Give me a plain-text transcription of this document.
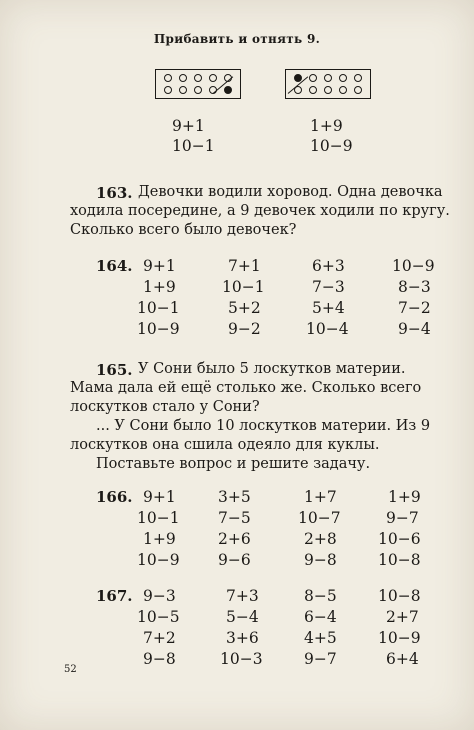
Прибавить и отнять 9.
9+1
10−1
1+9
10−9
163. Девочки водили хоровод. Одна девочка
ходила посередине, а 9 девочек ходили по кругу.
Сколько всего было девочек?
164. 9+1
1+9
10−1
10−9
7+1
10−1
5+2
9−2
6+3
7−3
5+4
10−4
10−9
8−3
7−2
9−4
165. У Сони было 5 лоскутков материи.
Мама дала ей ещё столько же. Сколько всего
лоскутков стало у Сони?
... У Сони было 10 лоскутков материи. Из 9
лоскутков она сшила одеяло для куклы.
Поставьте вопрос и решите задачу.
166. 9+1
10−1
1+9
10−9
3+5
7−5
2+6
9−6
1+7
10−7
2+8
9−8
1+9
9−7
10−6
10−8
167. 9−3
10−5
7+2
9−8
7+3
5−4
3+6
10−3
8−5
6−4
4+5
9−7
10−8
2+7
10−9
6+4
52
